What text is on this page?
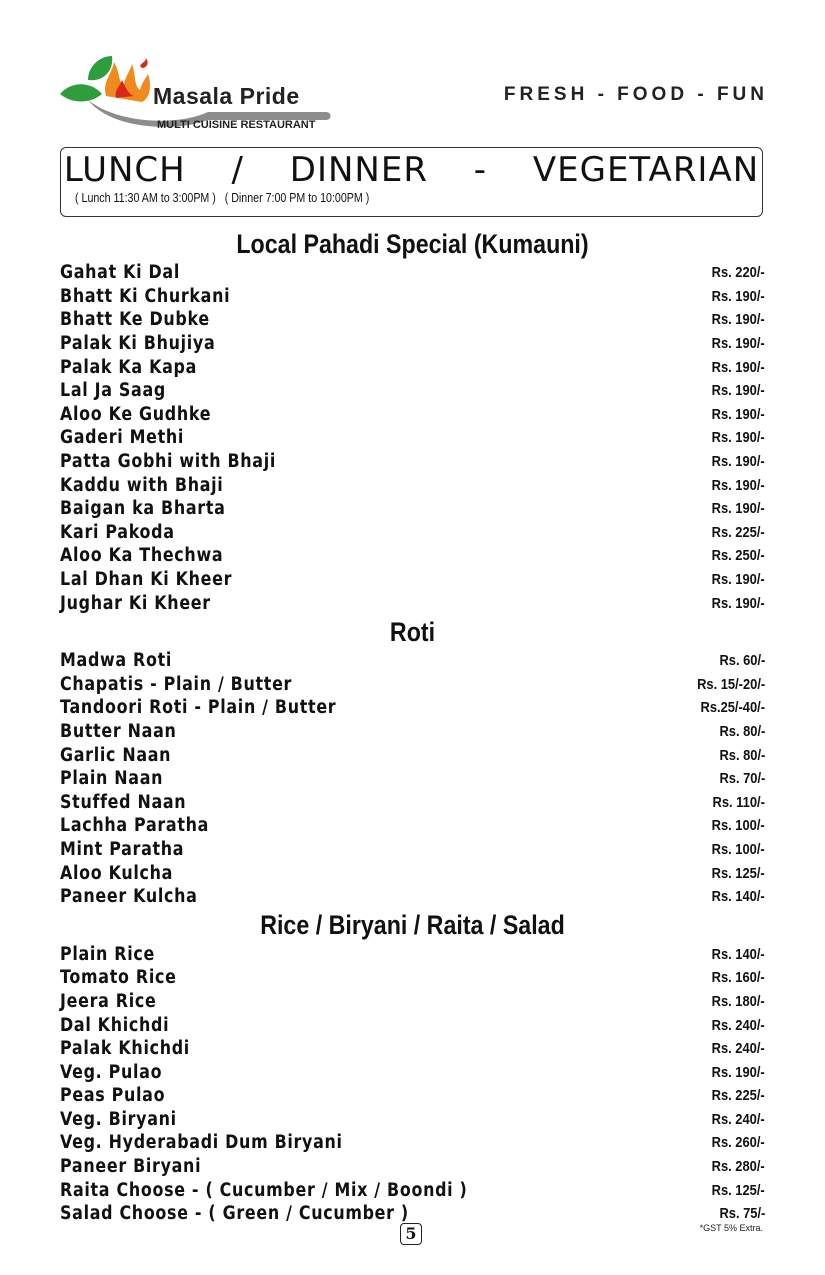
Masala Pride
MULTI CUISINE RESTAURANT
FRESH - FOOD - FUN
LUNCH / DINNER - VEGETARIAN
( Lunch 11:30 AM to 3:00PM )   ( Dinner 7:00 PM to 10:00PM )
Local Pahadi Special (Kumauni)
Gahat Ki Dal	Rs. 220/-
Bhatt Ki Churkani	Rs. 190/-
Bhatt Ke Dubke	Rs. 190/-
Palak Ki Bhujiya	Rs. 190/-
Palak Ka Kapa	Rs. 190/-
Lal Ja Saag	Rs. 190/-
Aloo Ke Gudhke	Rs. 190/-
Gaderi Methi	Rs. 190/-
Patta Gobhi with Bhaji	Rs. 190/-
Kaddu with Bhaji	Rs. 190/-
Baigan ka Bharta	Rs. 190/-
Kari Pakoda	Rs. 225/-
Aloo Ka Thechwa	Rs. 250/-
Lal Dhan Ki Kheer	Rs. 190/-
Jughar Ki Kheer	Rs. 190/-
Roti
Madwa Roti	Rs. 60/-
Chapatis - Plain / Butter	Rs. 15/-20/-
Tandoori Roti - Plain / Butter	Rs.25/-40/-
Butter Naan	Rs. 80/-
Garlic Naan	Rs. 80/-
Plain Naan	Rs. 70/-
Stuffed Naan	Rs. 110/-
Lachha Paratha	Rs. 100/-
Mint Paratha	Rs. 100/-
Aloo Kulcha	Rs. 125/-
Paneer Kulcha	Rs. 140/-
Rice / Biryani / Raita / Salad
Plain Rice	Rs. 140/-
Tomato Rice	Rs. 160/-
Jeera Rice	Rs. 180/-
Dal Khichdi	Rs. 240/-
Palak Khichdi	Rs. 240/-
Veg. Pulao	Rs. 190/-
Peas Pulao	Rs. 225/-
Veg. Biryani	Rs. 240/-
Veg. Hyderabadi Dum Biryani	Rs. 260/-
Paneer Biryani	Rs. 280/-
Raita Choose - ( Cucumber / Mix / Boondi )	Rs. 125/-
Salad Choose - ( Green / Cucumber )	Rs. 75/-
5	*GST 5% Extra.
